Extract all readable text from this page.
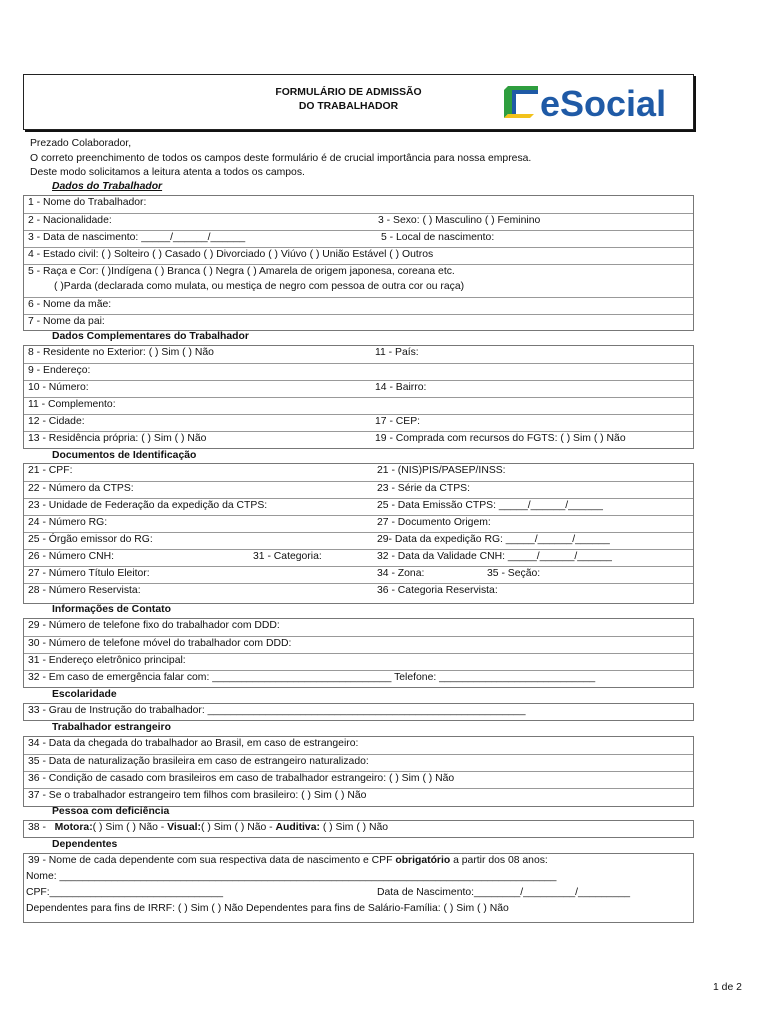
FORMULÁRIO DE ADMISSÃO
DO TRABALHADOR	eSocial
Prezado Colaborador,
O correto preenchimento de todos os campos deste formulário é de crucial importância para nossa empresa.
Deste modo solicitamos a leitura atenta a todos os campos.
Dados do Trabalhador
1 - Nome do Trabalhador:
2 - Nacionalidade:	3 - Sexo: ( ) Masculino ( ) Feminino
3 - Data de nascimento: _____/______/______	5 - Local de nascimento:
4 - Estado civil: ( ) Solteiro ( ) Casado ( ) Divorciado ( ) Viúvo ( ) União Estável ( ) Outros
5 - Raça e Cor: ( )Indígena ( ) Branca ( ) Negra ( ) Amarela de origem japonesa, coreana etc.
( )Parda (declarada como mulata, ou mestiça de negro com pessoa de outra cor ou raça)
6 - Nome da mãe:
7 - Nome da pai:
Dados Complementares do Trabalhador
8 - Residente no Exterior: ( ) Sim ( ) Não	11 - País:
9 - Endereço:
10 - Número:	14 - Bairro:
11 - Complemento:
12 - Cidade:	17 - CEP:
13 - Residência própria: ( ) Sim ( ) Não	19 - Comprada com recursos do FGTS: ( ) Sim ( ) Não
Documentos de Identificação
21 - CPF:	21 - (NIS)PIS/PASEP/INSS:
22 - Número da CTPS:	23 - Série da CTPS:
23 - Unidade de Federação da expedição da CTPS:	25 - Data Emissão CTPS: _____/______/______
24 - Número RG:	27 - Documento Origem:
25 - Órgão emissor do RG:	29- Data da expedição RG: _____/______/______
26 - Número CNH:	31 - Categoria:	32 - Data da Validade CNH: _____/______/______
27 - Número Título Eleitor:	34 - Zona:	35 - Seção:
28 - Número Reservista:	36 - Categoria Reservista:
Informações de Contato
29 - Número de telefone fixo do trabalhador com DDD:
30 - Número de telefone móvel do trabalhador com DDD:
31 - Endereço eletrônico principal:
32 - Em caso de emergência falar com: _______________________________ Telefone: ___________________________
Escolaridade
33 - Grau de Instrução do trabalhador: _______________________________________________________
Trabalhador estrangeiro
34 - Data da chegada do trabalhador ao Brasil, em caso de estrangeiro:
35 - Data de naturalização brasileira em caso de estrangeiro naturalizado:
36 - Condição de casado com brasileiros em caso de trabalhador estrangeiro: ( ) Sim ( ) Não
37 - Se o trabalhador estrangeiro tem filhos com brasileiro: ( ) Sim ( ) Não
Pessoa com deficiência
38 - Motora:( ) Sim ( ) Não - Visual:( ) Sim ( ) Não - Auditiva: ( ) Sim ( ) Não
Dependentes
39 - Nome de cada dependente com sua respectiva data de nascimento e CPF obrigatório a partir dos 08 anos:
Nome: ______________________________________________________________________________________
CPF:______________________________	Data de Nascimento:________/_________/_________
Dependentes para fins de IRRF: ( ) Sim ( ) Não Dependentes para fins de Salário-Família: ( ) Sim ( ) Não
1 de 2
